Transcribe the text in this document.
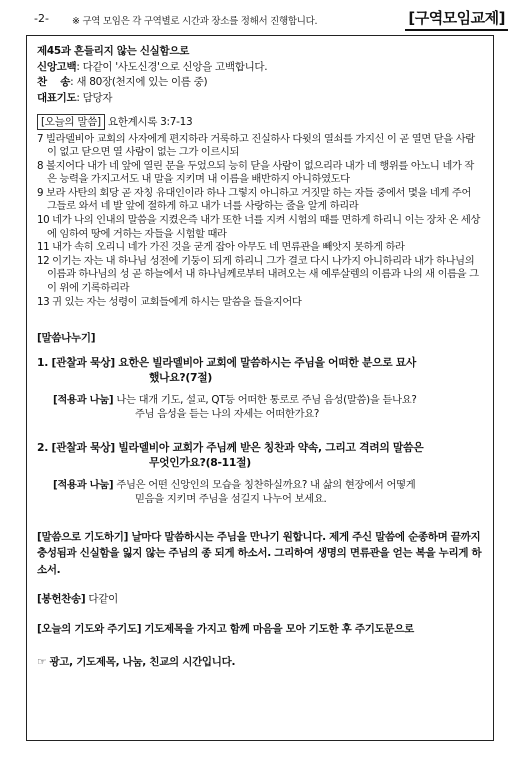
-2- ※ 구역 모임은 각 구역별로 시간과 장소를 정해서 진행합니다.	[구역모임교제]
제45과 흔들리지 않는 신실함으로
신앙고백: 다같이 '사도신경'으로 신앙을 고백합니다.
찬    송: 새 80장(천지에 있는 이름 중)
대표기도: 담당자
[오늘의 말씀] 요한계시록 3:7-13

7 빌라델비아 교회의 사자에게 편지하라 거룩하고 진실하사 다윗의 열쇠를 가지신 이 곧 열면 닫을 사람이 없고 닫으면 열 사람이 없는 그가 이르시되

8 볼지어다 내가 네 앞에 열린 문을 두었으되 능히 닫을 사람이 없으리라 내가 네 행위를 아노니 네가 작은 능력을 가지고서도 내 말을 지키며 내 이름을 배반하지 아니하였도다

9 보라 사탄의 회당 곧 자칭 유대인이라 하나 그렇지 아니하고 거짓말 하는 자들 중에서 몇을 네게 주어 그들로 와서 네 발 앞에 절하게 하고 내가 너를 사랑하는 줄을 알게 하리라

10 네가 나의 인내의 말씀을 지켰은즉 내가 또한 너를 지켜 시험의 때를 면하게 하리니 이는 장차 온 세상에 임하여 땅에 거하는 자들을 시험할 때라

11 내가 속히 오리니 네가 가진 것을 굳게 잡아 아무도 네 면류관을 빼앗지 못하게 하라

12 이기는 자는 내 하나님 성전에 기둥이 되게 하리니 그가 결코 다시 나가지 아니하리라 내가 하나님의 이름과 하나님의 성 곧 하늘에서 내 하나님께로부터 내려오는 새 예루살렘의 이름과 나의 새 이름을 그이 위에 기록하리라

13 귀 있는 자는 성령이 교회들에게 하시는 말씀을 들을지어다

[말씀나누기]
1. [관찰과 묵상] 요한은 빌라델비아 교회에 말씀하시는 주님을 어떠한 분으로 묘사
했나요?(7절)
[적용과 나눔] 나는 대개 기도, 설교, QT등 어떠한 통로로 주님 음성(말씀)을 듣나요?
주님 음성을 듣는 나의 자세는 어떠한가요?
2. [관찰과 묵상] 빌라델비아 교회가 주님께 받은 칭찬과 약속, 그리고 격려의 말씀은
무엇인가요?(8-11절)
[적용과 나눔] 주님은 어떤 신앙인의 모습을 칭찬하실까요? 내 삶의 현장에서 어떻게
믿음을 지키며 주님을 섬길지 나누어 보세요.
[말씀으로 기도하기] 날마다 말씀하시는 주님을 만나기 원합니다. 제게 주신 말씀에 순종하며 끝까지 충성됨과 신실함을 잃지 않는 주님의 종 되게 하소서. 그리하여 생명의 면류관을 얻는 복을 누리게 하소서.
[봉헌찬송] 다같이
[오늘의 기도와 주기도] 기도제목을 가지고 함께 마음을 모아 기도한 후 주기도문으로
☞ 광고, 기도제목, 나눔, 친교의 시간입니다.
